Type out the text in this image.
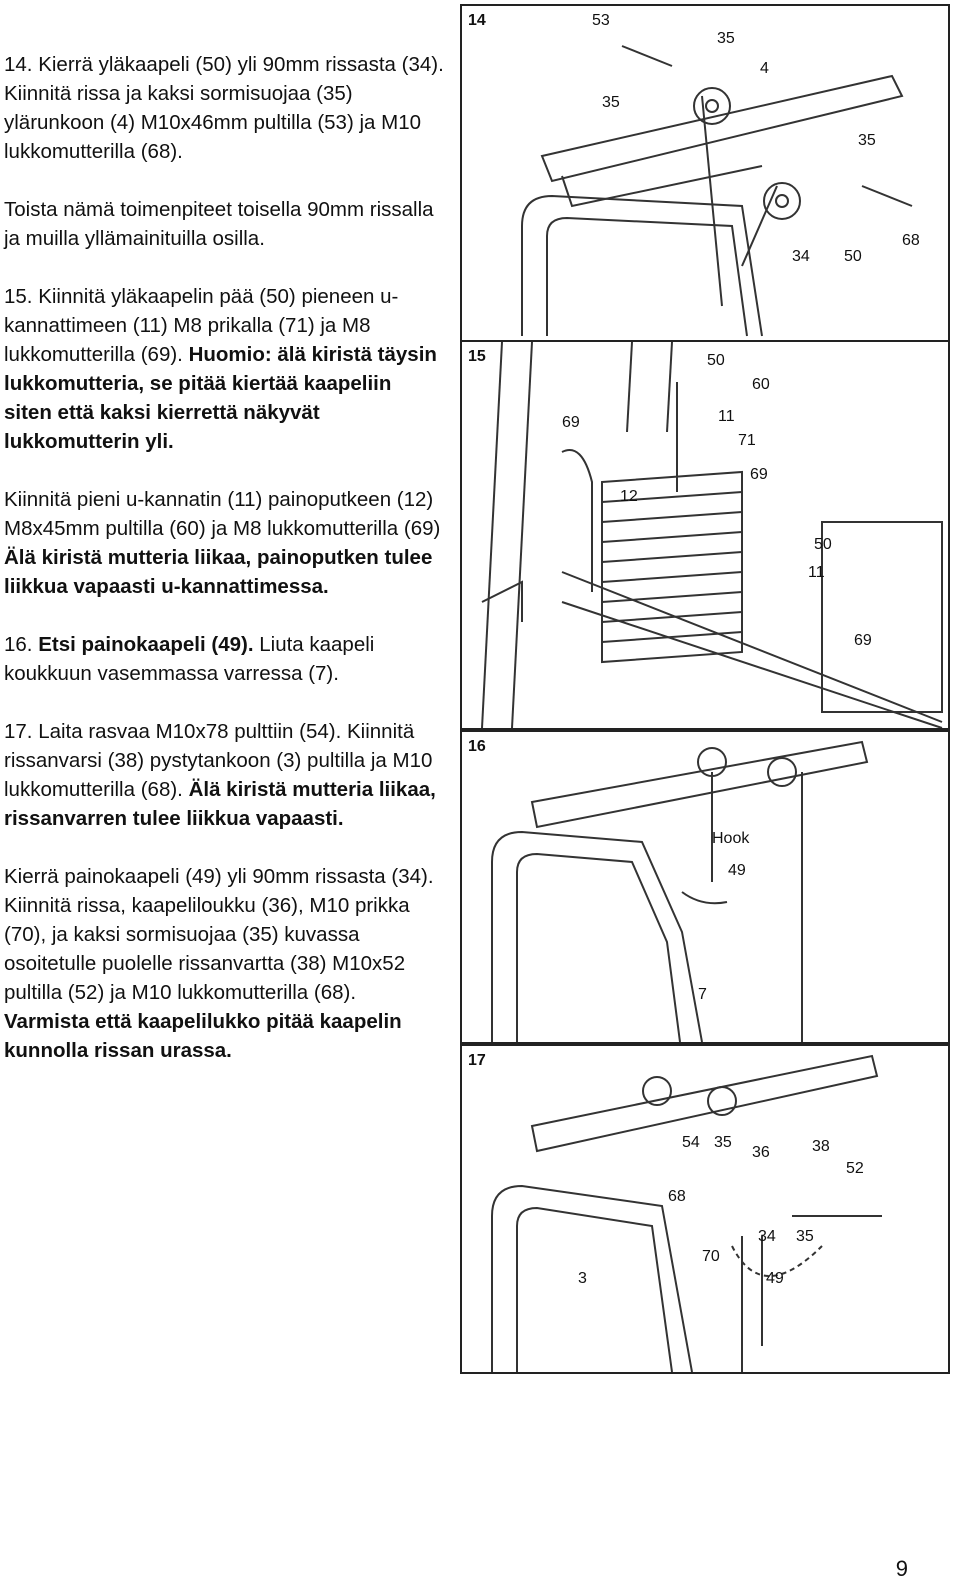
14. Kierrä yläkaapeli (50) yli 90mm rissasta (34). Kiinnitä rissa ja kaksi sormisuojaa (35) ylärunkoon (4) M10x46mm pultilla (53) ja M10 lukkomutterilla (68).

Toista nämä toimenpiteet toisella 90mm rissalla ja muilla yllämainituilla osilla.

15. Kiinnitä yläkaapelin pää (50) pieneen u-kannattimeen (11) M8 prikalla (71) ja M8 lukkomutterilla (69). Huomio: älä kiristä täysin lukkomutteria, se pitää kiertää kaapeliin siten että kaksi kierrettä näkyvät lukkomutterin yli.

Kiinnitä pieni u-kannatin (11) painoputkeen (12) M8x45mm pultilla (60) ja M8 lukkomutterilla (69) Älä kiristä mutteria liikaa, painoputken tulee liikkua vapaasti u-kannattimessa.

16. Etsi painokaapeli (49). Liuta kaapeli koukkuun vasemmassa varressa (7).

17. Laita rasvaa M10x78 pulttiin (54). Kiinnitä rissanvarsi (38) pystytankoon (3) pultilla ja M10 lukkomutterilla (68). Älä kiristä mutteria liikaa, rissanvarren tulee liikkua vapaasti.

Kierrä painokaapeli (49) yli 90mm rissasta (34). Kiinnitä rissa, kaapeliloukku (36), M10 prikka (70), ja kaksi sormisuojaa (35) kuvassa osoitetulle puolelle rissanvartta (38) M10x52 pultilla (52) ja M10 lukkomutterilla (68). Varmista että kaapelilukko pitää kaapelin kunnolla rissan urassa.

14	53
35
4
35
35
34 50
68
15	50
60
69	11
71
69
12
50
11
69
16
Hook
49
7
17
54 35
36	38
52
68
34 35
70
49
3
9
